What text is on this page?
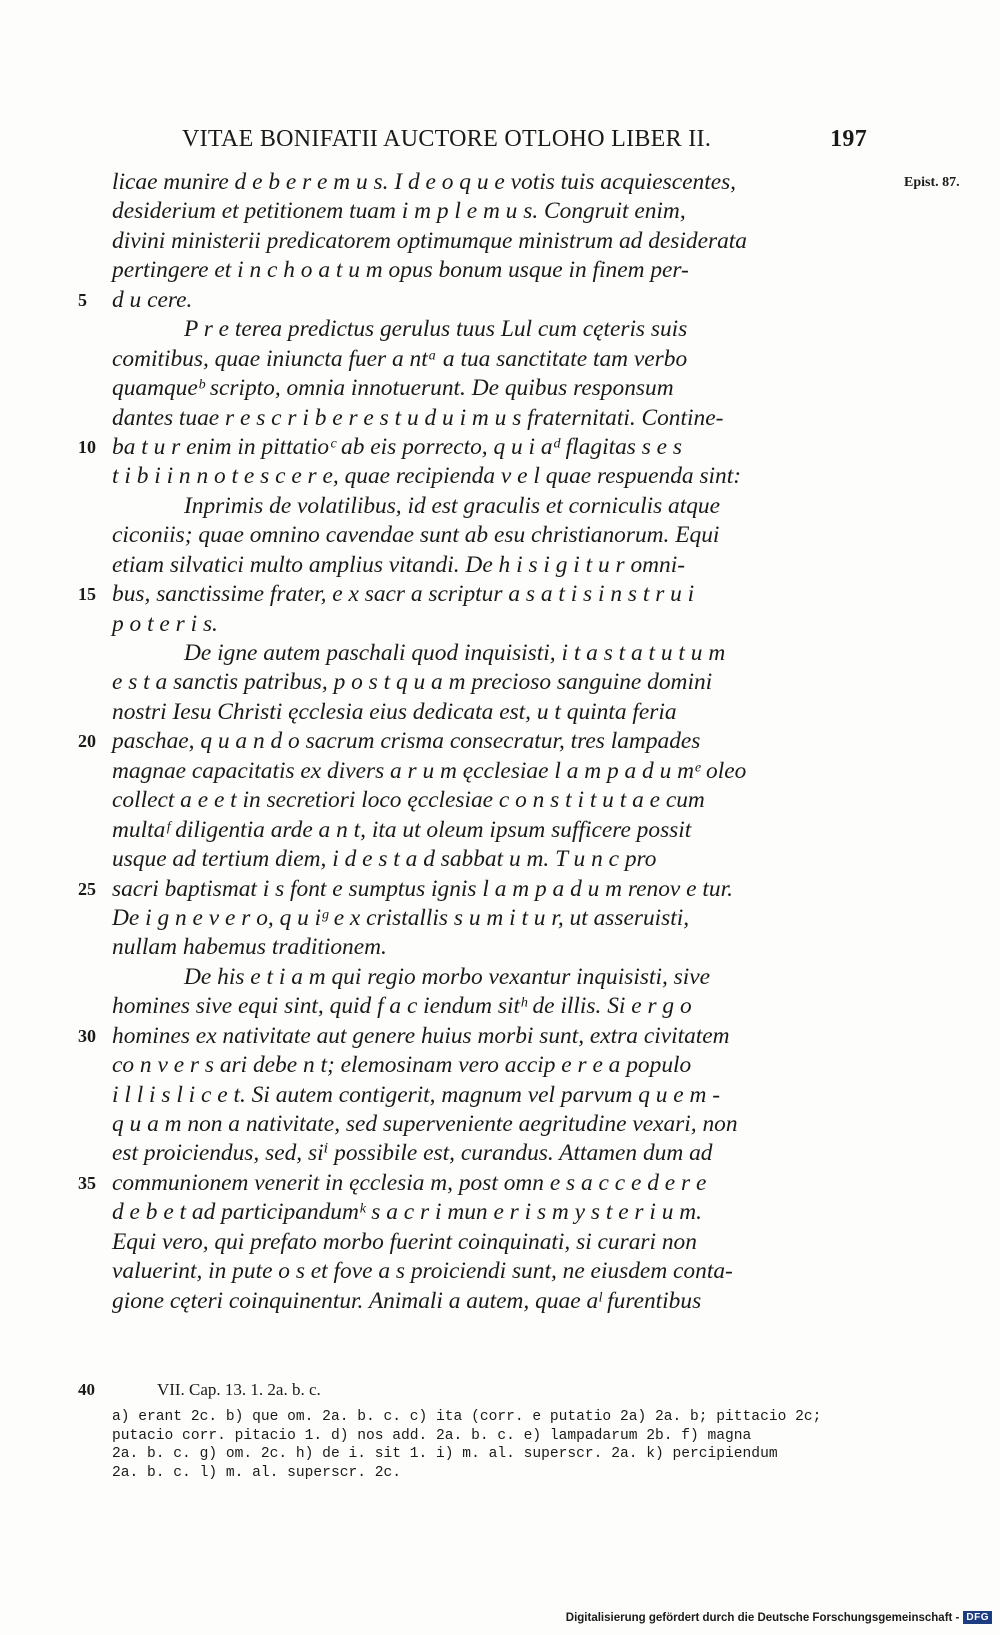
VITAE BONIFATII AUCTORE OTLOHO LIBER II.	197
licae munire d e b e r e m u s. I d e o q u e votis tuis acquiescentes,	Epist. 87.
desiderium et petitionem tuam i m p l e m u s. Congruit enim,
divini ministerii predicatorem optimumque ministrum ad desiderata
pertingere et i n c h o a t u m opus bonum usque in finem per-
d u cere.
5
P r e terea predictus gerulus tuus Lul cum cęteris suis
comitibus, quae iniuncta fuer a ntᵃ a tua sanctitate tam verbo
quamqueᵇ scripto, omnia innotuerunt. De quibus responsum
dantes tuae r e s c r i b e r e s t u d u i m u s fraternitati. Contine-
ba t u r enim in pittatioᶜ ab eis porrecto, q u i aᵈ flagitas s e s
10
t i b i i n n o t e s c e r e, quae recipienda v e l quae respuenda sint:
Inprimis de volatilibus, id est graculis et corniculis atque
ciconiis; quae omnino cavendae sunt ab esu christianorum. Equi
etiam silvatici multo amplius vitandi. De h i s i g i t u r omni-
bus, sanctissime frater, e x sacr a scriptur a s a t i s i n s t r u i
15
p o t e r i s.
De igne autem paschali quod inquisisti, i t a s t a t u t u m
e s t a sanctis patribus, p o s t q u a m precioso sanguine domini
nostri Iesu Christi ęcclesia eius dedicata est, u t quinta feria
paschae, q u a n d o sacrum crisma consecratur, tres lampades
20
magnae capacitatis ex divers a r u m ęcclesiae l a m p a d u mᵉ oleo
collect a e e t in secretiori loco ęcclesiae c o n s t i t u t a e cum
multaᶠ diligentia arde a n t, ita ut oleum ipsum sufficere possit
usque ad tertium diem, i d e s t a d sabbat u m. T u n c pro
sacri baptismat i s font e sumptus ignis l a m p a d u m renov e tur.
25
De i g n e v e r o, q u iᵍ e x cristallis s u m i t u r, ut asseruisti,
nullam habemus traditionem.
De his e t i a m qui regio morbo vexantur inquisisti, sive
homines sive equi sint, quid f a c iendum sitʰ de illis. Si e r g o
homines ex nativitate aut genere huius morbi sunt, extra civitatem
30
co n v e r s ari debe n t; elemosinam vero accip e r e a populo
i l l i s l i c e t. Si autem contigerit, magnum vel parvum q u e m -
q u a m non a nativitate, sed superveniente aegritudine vexari, non
est proiciendus, sed, siⁱ possibile est, curandus. Attamen dum ad
communionem venerit in ęcclesia m, post omn e s a c c e d e r e
35
d e b e t ad participandumᵏ s a c r i mun e r i s m y s t e r i u m.
Equi vero, qui prefato morbo fuerint coinquinati, si curari non
valuerint, in pute o s et fove a s proiciendi sunt, ne eiusdem conta-
gione cęteri coinquinentur. Animali a autem, quae aˡ furentibus
40	VII. Cap. 13. 1. 2a. b. c.
a) erant 2c. b) que om. 2a. b. c. c) ita (corr. e putatio 2a) 2a. b; pittacio 2c;
putacio corr. pitacio 1. d) nos add. 2a. b. c. e) lampadarum 2b. f) magna
2a. b. c. g) om. 2c. h) de i. sit 1. i) m. al. superscr. 2a. k) percipiendum
2a. b. c. l) m. al. superscr. 2c.
Digitalisierung gefördert durch die Deutsche Forschungsgemeinschaft - DFG
